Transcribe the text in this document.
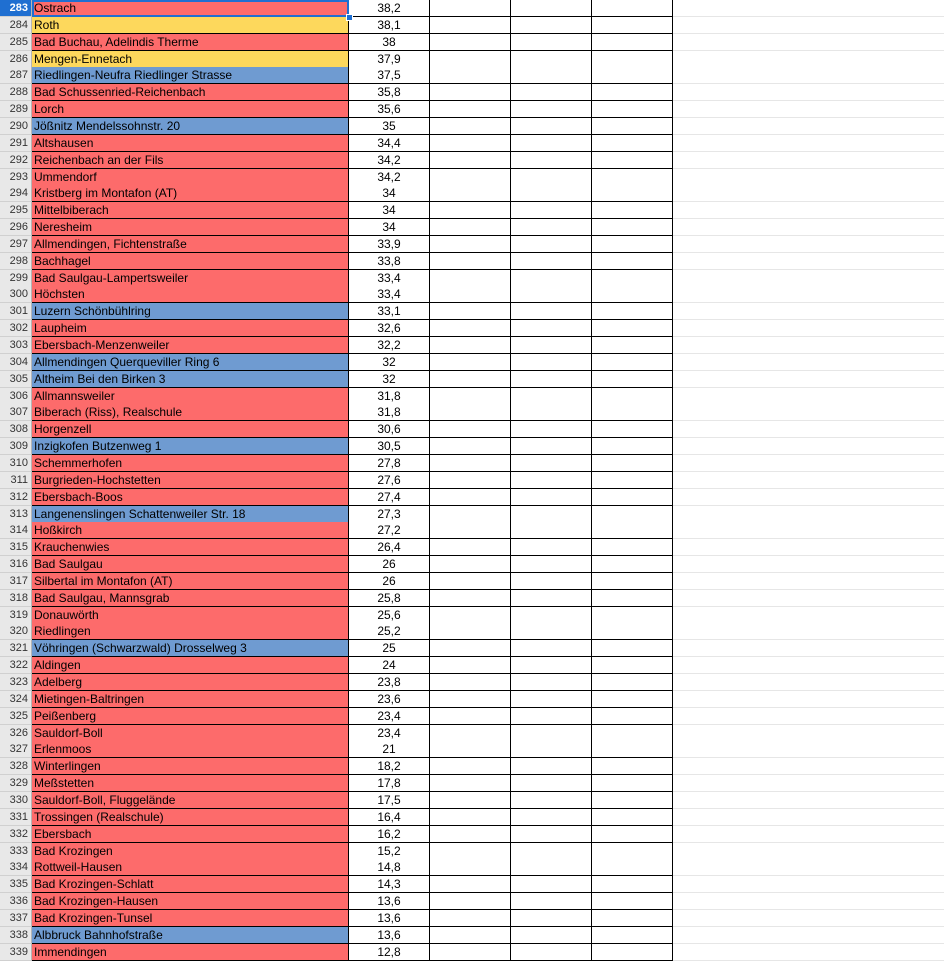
283 Ostrach	38,2
284 Roth	38,1
285 Bad Buchau, Adelindis Therme	38
286 Mengen-Ennetach	37,9
287 Riedlingen-Neufra Riedlinger Strasse	37,5
288 Bad Schussenried-Reichenbach	35,8
289 Lorch	35,6
290 Jößnitz Mendelssohnstr. 20	35
291 Altshausen	34,4
292 Reichenbach an der Fils	34,2
293 Ummendorf	34,2
294 Kristberg im Montafon (AT)	34
295 Mittelbiberach	34
296 Neresheim	34
297 Allmendingen, Fichtenstraße	33,9
298 Bachhagel	33,8
299 Bad Saulgau-Lampertsweiler	33,4
300 Höchsten	33,4
301 Luzern Schönbühlring	33,1
302 Laupheim	32,6
303 Ebersbach-Menzenweiler	32,2
304 Allmendingen Querqueviller Ring 6	32
305 Altheim Bei den Birken 3	32
306 Allmannsweiler	31,8
307 Biberach (Riss), Realschule	31,8
308 Horgenzell	30,6
309 Inzigkofen Butzenweg 1	30,5
310 Schemmerhofen	27,8
311 Burgrieden-Hochstetten	27,6
312 Ebersbach-Boos	27,4
313 Langenenslingen Schattenweiler Str. 18	27,3
314 Hoßkirch	27,2
315 Krauchenwies	26,4
316 Bad Saulgau	26
317 Silbertal im Montafon (AT)	26
318 Bad Saulgau, Mannsgrab	25,8
319 Donauwörth	25,6
320 Riedlingen	25,2
321 Vöhringen (Schwarzwald) Drosselweg 3	25
322 Aldingen	24
323 Adelberg	23,8
324 Mietingen-Baltringen	23,6
325 Peißenberg	23,4
326 Sauldorf-Boll	23,4
327 Erlenmoos	21
328 Winterlingen	18,2
329 Meßstetten	17,8
330 Sauldorf-Boll, Fluggelände	17,5
331 Trossingen (Realschule)	16,4
332 Ebersbach	16,2
333 Bad Krozingen	15,2
334 Rottweil-Hausen	14,8
335 Bad Krozingen-Schlatt	14,3
336 Bad Krozingen-Hausen	13,6
337 Bad Krozingen-Tunsel	13,6
338 Albbruck Bahnhofstraße	13,6
339 Immendingen	12,8
